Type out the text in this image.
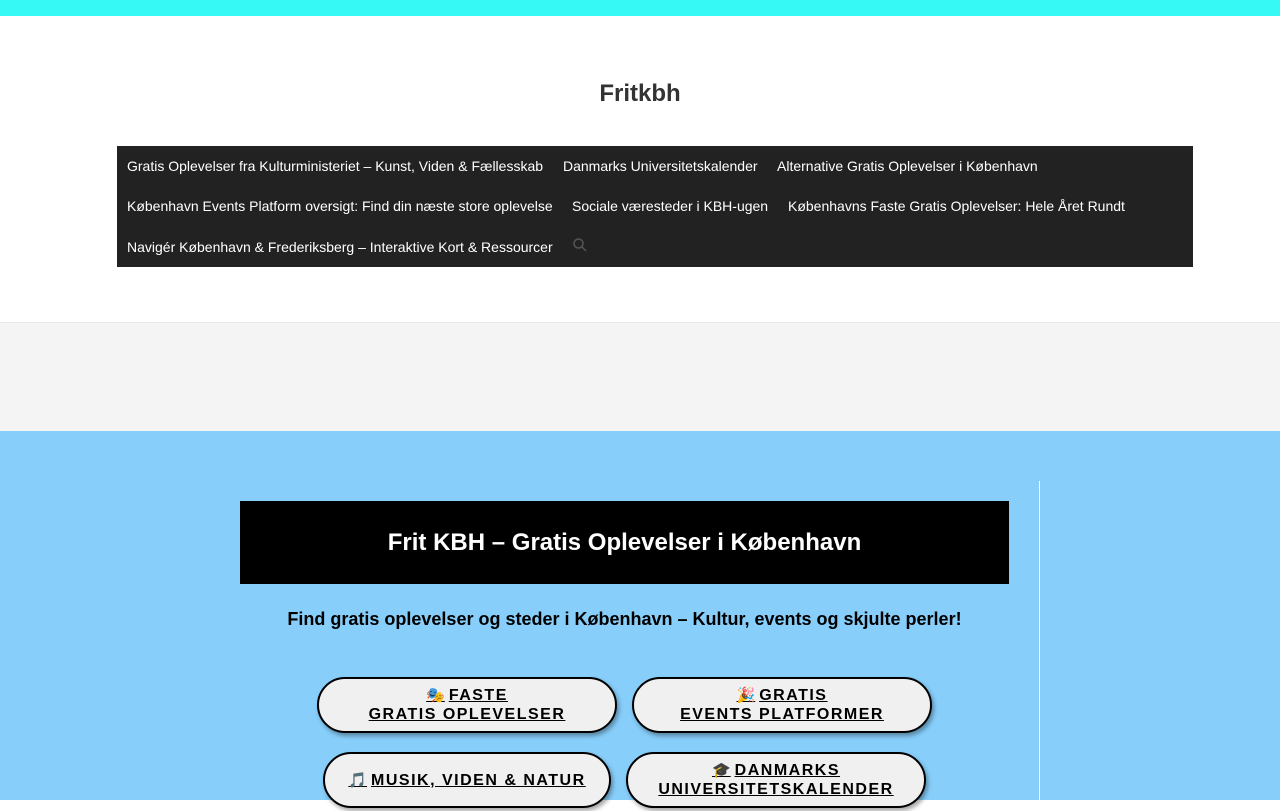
Fritkbh
Gratis Oplevelser fra Kulturministeriet – Kunst, Viden & Fællesskab Danmarks Universitetskalender Alternative Gratis Oplevelser i København
København Events Platform oversigt: Find din næste store oplevelse Sociale væresteder i KBH-ugen Københavns Faste Gratis Oplevelser: Hele Året Rundt
Navigér København & Frederiksberg – Interaktive Kort & Ressourcer
Frit KBH – Gratis Oplevelser i København
Find gratis oplevelser og steder i København – Kultur, events og skjulte perler!
🎭 FASTE
GRATIS OPLEVELSER
🎉 GRATIS
EVENTS PLATFORMER
🎵 MUSIK, VIDEN & NATUR
🎓 DANMARKS
UNIVERSITETSKALENDER
